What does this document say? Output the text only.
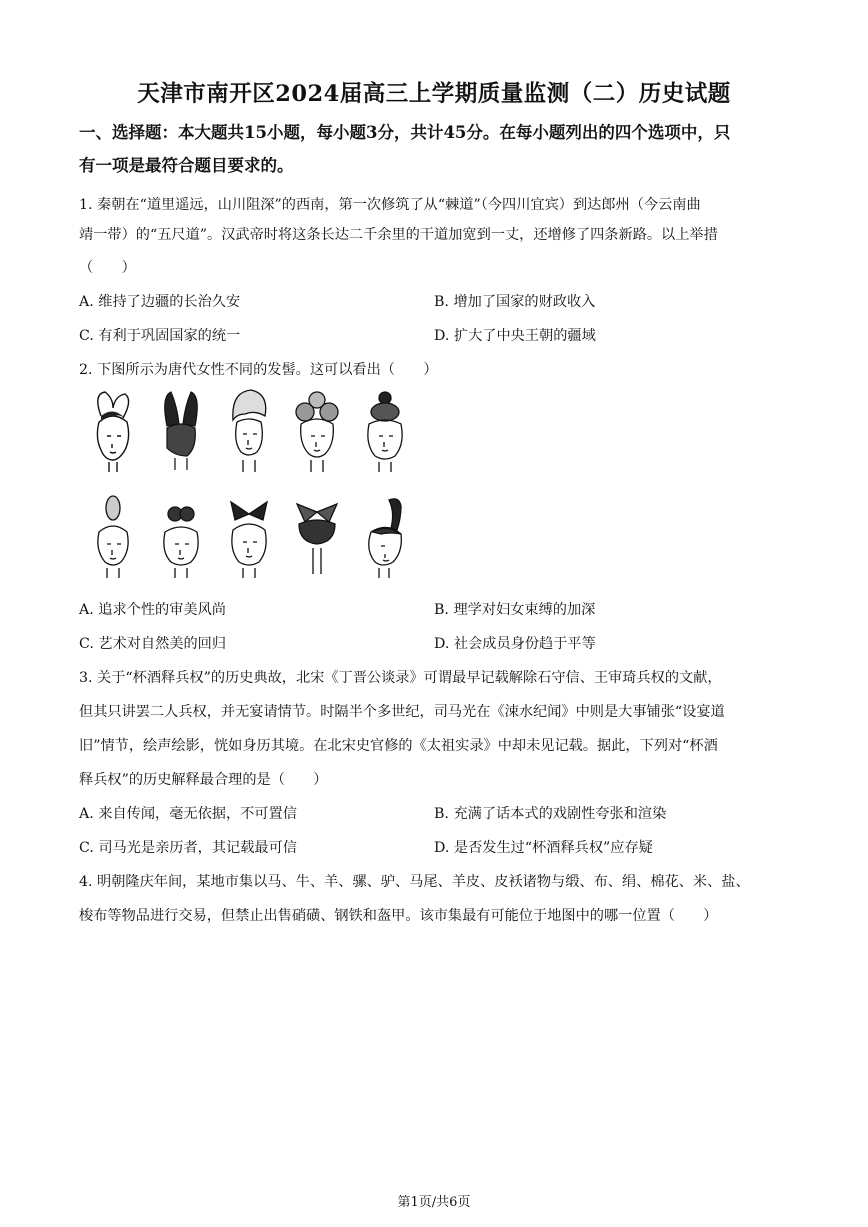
天津市南开区2024届高三上学期质量监测（二）历史试题
一、选择题：本大题共15小题，每小题3分，共计45分。在每小题列出的四个选项中，只
有一项是最符合题目要求的。
1. 秦朝在“道里遥远，山川阻深”的西南，第一次修筑了从“棘道”（今四川宜宾）到达郎州（今云南曲
靖一带）的“五尺道”。汉武帝时将这条长达二千余里的干道加宽到一丈，还增修了四条新路。以上举措
（　　）
A. 维持了边疆的长治久安	B. 增加了国家的财政收入
C. 有利于巩固国家的统一	D. 扩大了中央王朝的疆域
2. 下图所示为唐代女性不同的发髻。这可以看出（　　）
A. 追求个性的审美风尚	B. 理学对妇女束缚的加深
C. 艺术对自然美的回归	D. 社会成员身份趋于平等
3. 关于“杯酒释兵权”的历史典故，北宋《丁晋公谈录》可谓最早记载解除石守信、王审琦兵权的文献，
但其只讲罢二人兵权，并无宴请情节。时隔半个多世纪，司马光在《涑水纪闻》中则是大事铺张“设宴道
旧”情节，绘声绘影，恍如身历其境。在北宋史官修的《太祖实录》中却未见记载。据此，下列对“杯酒
释兵权”的历史解释最合理的是（　　）
A. 来自传闻，毫无依据，不可置信	B. 充满了话本式的戏剧性夸张和渲染
C. 司马光是亲历者，其记载最可信	D. 是否发生过“杯酒释兵权”应存疑
4. 明朝隆庆年间，某地市集以马、牛、羊、骡、驴、马尾、羊皮、皮袄诸物与缎、布、绢、棉花、米、盐、
梭布等物品进行交易，但禁止出售硝磺、钢铁和盔甲。该市集最有可能位于地图中的哪一位置（　　）
第1页/共6页
